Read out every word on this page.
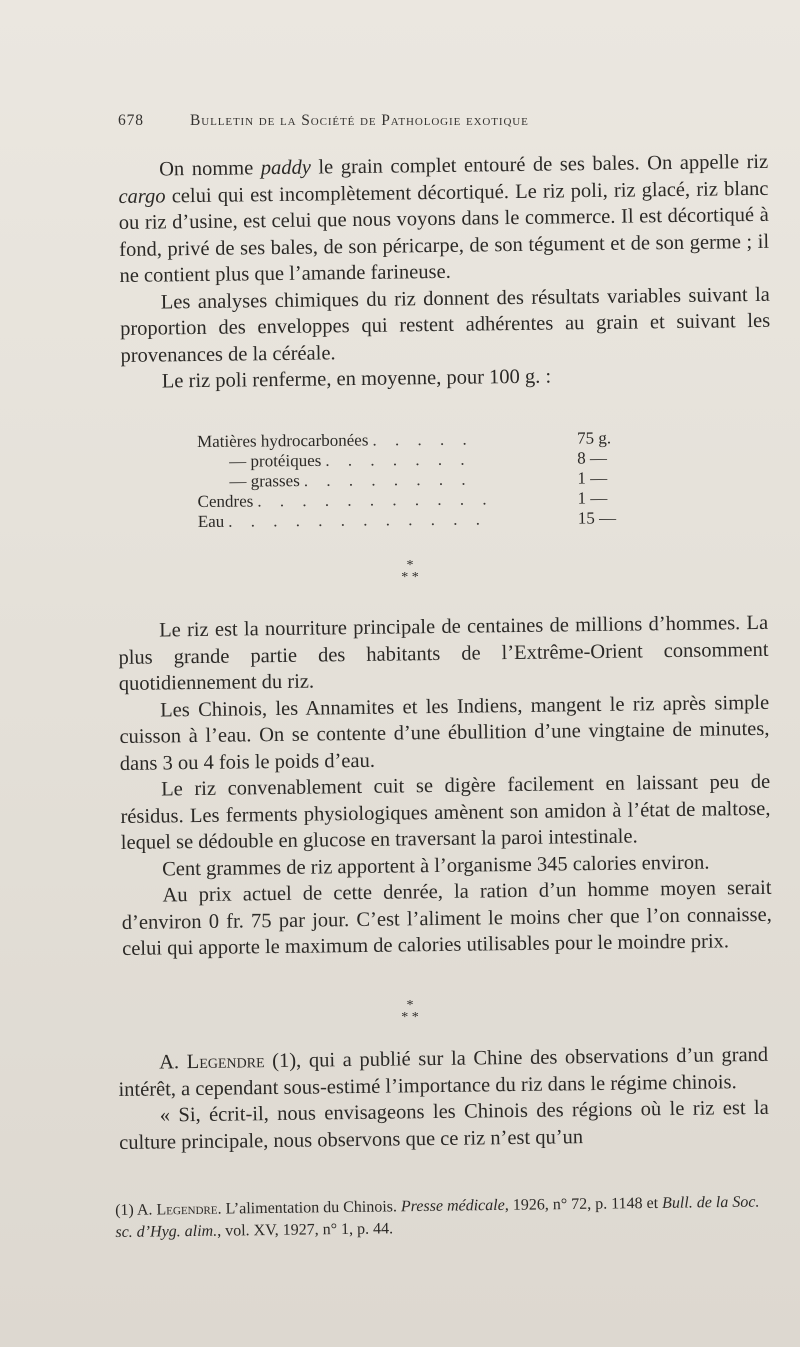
678	Bulletin de la Société de Pathologie exotique

On nomme paddy le grain complet entouré de ses bales. On appelle riz cargo celui qui est incomplètement décortiqué. Le riz poli, riz glacé, riz blanc ou riz d’usine, est celui que nous voyons dans le commerce. Il est décortiqué à fond, privé de ses bales, de son péricarpe, de son tégument et de son germe ; il ne contient plus que l’amande farineuse.

Les analyses chimiques du riz donnent des résultats variables suivant la proportion des enveloppes qui restent adhérentes au grain et suivant les provenances de la céréale.

Le riz poli renferme, en moyenne, pour 100 g. :

Matières hydrocarbonées . . . . .	75 g.
— protéiques . . . . . . .	8 —
— grasses . . . . . . . .	1 —
Cendres . . . . . . . . . . .	1 —
Eau . . . . . . . . . . . .	15 —
*
* *

Le riz est la nourriture principale de centaines de millions d’hommes. La plus grande partie des habitants de l’Extrême-Orient consomment quotidiennement du riz.

Les Chinois, les Annamites et les Indiens, mangent le riz après simple cuisson à l’eau. On se contente d’une ébullition d’une vingtaine de minutes, dans 3 ou 4 fois le poids d’eau.

Le riz convenablement cuit se digère facilement en laissant peu de résidus. Les ferments physiologiques amènent son amidon à l’état de maltose, lequel se dédouble en glucose en traversant la paroi intestinale.

Cent grammes de riz apportent à l’organisme 345 calories environ.

Au prix actuel de cette denrée, la ration d’un homme moyen serait d’environ 0 fr. 75 par jour. C’est l’aliment le moins cher que l’on connaisse, celui qui apporte le maximum de calories utilisables pour le moindre prix.

*
* *

A. Legendre (1), qui a publié sur la Chine des observations d’un grand intérêt, a cependant sous-estimé l’importance du riz dans le régime chinois.

« Si, écrit-il, nous envisageons les Chinois des régions où le riz est la culture principale, nous observons que ce riz n’est qu’un

(1) A. Legendre. L’alimentation du Chinois. Presse médicale, 1926, n° 72, p. 1148 et Bull. de la Soc. sc. d’Hyg. alim., vol. XV, 1927, n° 1, p. 44.
